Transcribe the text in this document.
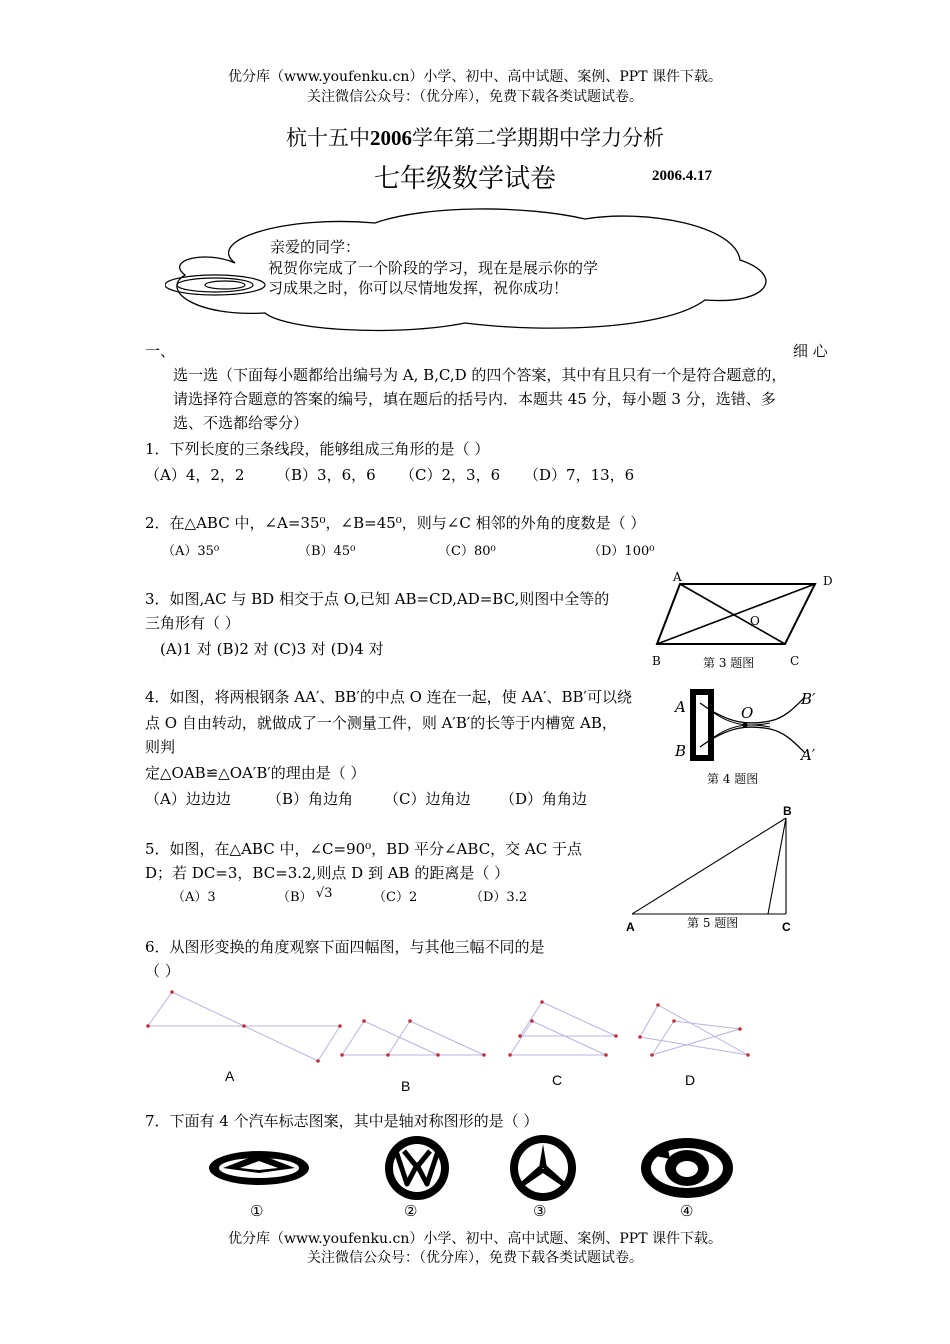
优分库（www.youfenku.cn）小学、初中、高中试题、案例、PPT 课件下载。
关注微信公众号：（优分库），免费下载各类试题试卷。
杭十五中2006学年第二学期期中学力分析
七年级数学试卷	2006.4.17
亲爱的同学：
祝贺你完成了一个阶段的学习，现在是展示你的学
习成果之时，你可以尽情地发挥，祝你成功！
一、	细 心
选一选（下面每小题都给出编号为 A, B,C,D 的四个答案，其中有且只有一个是符合题意的，
请选择符合题意的答案的编号，填在题后的括号内．本题共 45 分，每小题 3 分，选错、多
选、不选都给零分）
1．下列长度的三条线段，能够组成三角形的是（ ）
（A）4，2，2 （B）3，6，6 （C）2，3，6 （D）7，13，6
2．在△ABC 中，∠A=35⁰，∠B=45⁰，则与∠C 相邻的外角的度数是（ ）
（A）35⁰	（B）45⁰	（C）80⁰	（D）100⁰
3．如图,AC 与 BD 相交于点 O,已知 AB=CD,AD=BC,则图中全等的
三角形有（ ）
(A)1 对 (B)2 对 (C)3 对 (D)4 对
A	D
O
B	C
第 3 题图
4．如图，将两根钢条 AA′、BB′的中点 O 连在一起，使 AA′、BB′可以绕
点 O 自由转动，就做成了一个测量工件，则 A′B′的长等于内槽宽 AB，
则判
定△OAB≌△OA′B′的理由是（ ）
（A）边边边 （B）角边角 （C）边角边 （D）角角边
A
B
O
B′
A′
第 4 题图
5．如图，在△ABC 中，∠C=90⁰，BD 平分∠ABC，交 AC 于点
D；若 DC=3，BC=3.2,则点 D 到 AB 的距离是（ ）
（A）3	（B） √3	（C）2	（D）3.2
B
A	C
第 5 题图
6．从图形变换的角度观察下面四幅图，与其他三幅不同的是
（ ）
A
B	C	D
7．下面有 4 个汽车标志图案，其中是轴对称图形的是（ ）
①	②	③	④
优分库（www.youfenku.cn）小学、初中、高中试题、案例、PPT 课件下载。
关注微信公众号：（优分库），免费下载各类试题试卷。
